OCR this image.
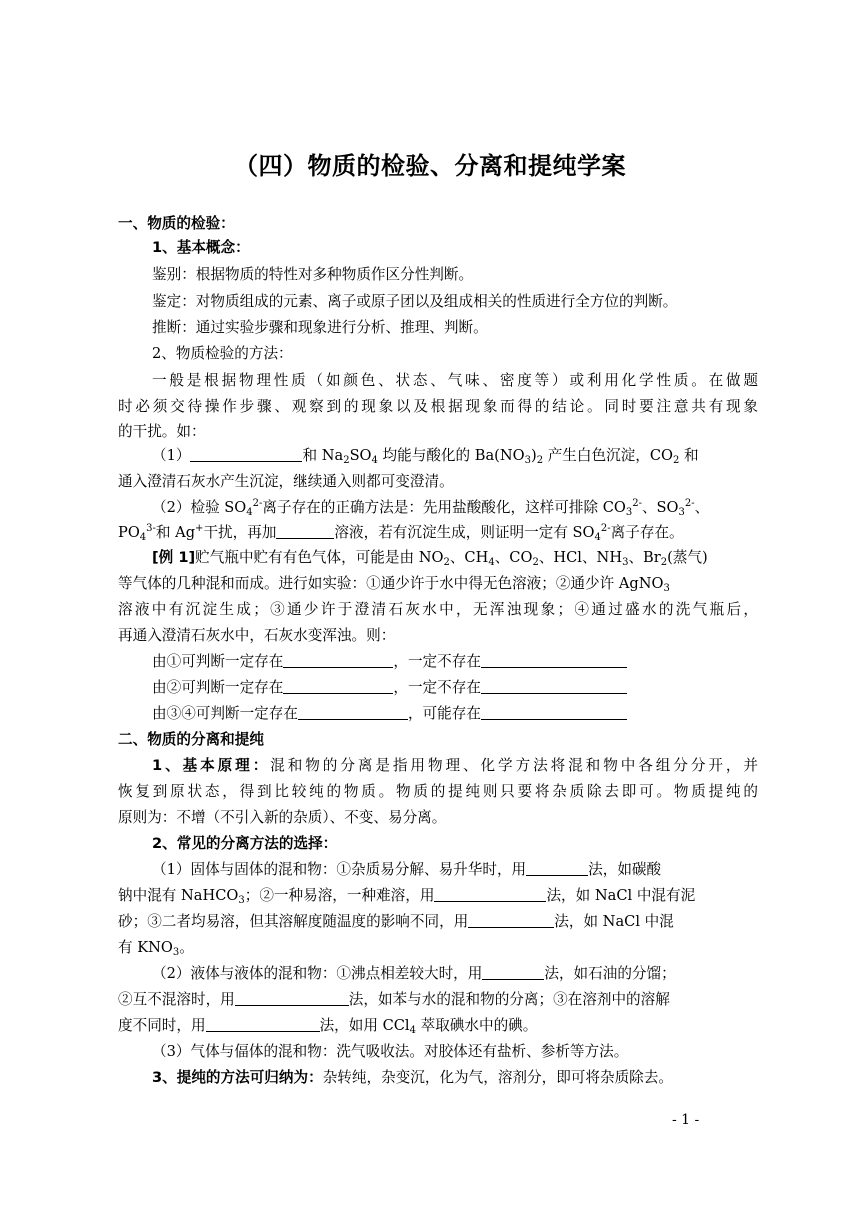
（四）物质的检验、分离和提纯学案
一、物质的检验：
1、基本概念：
鉴别：根据物质的特性对多种物质作区分性判断。
鉴定：对物质组成的元素、离子或原子团以及组成相关的性质进行全方位的判断。
推断：通过实验步骤和现象进行分析、推理、判断。
2、物质检验的方法：
一般是根据物理性质（如颜色、状态、气味、密度等）或利用化学性质。在做题
时必须交待操作步骤、观察到的现象以及根据现象而得的结论。同时要注意共有现象
的干扰。如：
（1）	和 $Na_2SO_4$ 均能与酸化的 $Ba(NO_3)_2$ 产生白色沉淀，$CO_2$ 和
通入澄清石灰水产生沉淀，继续通入则都可变澄清。
（2）检验 $SO_4^{2-}$离子存在的正确方法是：先用盐酸酸化，这样可排除 $CO_3^{2-}$、$SO_3^{2-}$、
$PO_4^{3-}$和 Ag+干扰，再加	溶液，若有沉淀生成，则证明一定有 $SO_4^{2-}$离子存在。
[例 1]贮气瓶中贮有有色气体，可能是由 $NO_2$、$CH_4$、$CO_2$、HCl、$NH_3$、$Br_2$(蒸气)
等气体的几种混和而成。进行如实验：①通少许于水中得无色溶液；②通少许 AgNO$_3$
溶液中有沉淀生成；③通少许于澄清石灰水中，无浑浊现象；④通过盛水的洗气瓶后，
再通入澄清石灰水中，石灰水变浑浊。则：
由①可判断一定存在	，一定不存在
由②可判断一定存在	，一定不存在
由③④可判断一定存在	，可能存在
二、物质的分离和提纯
1、基本原理：混和物的分离是指用物理、化学方法将混和物中各组分分开，并
恢复到原状态，得到比较纯的物质。物质的提纯则只要将杂质除去即可。物质提纯的
原则为：不增（不引入新的杂质）、不变、易分离。
2、常见的分离方法的选择：
（1）固体与固体的混和物：①杂质易分解、易升华时，用	法，如碳酸
钠中混有 NaHCO$_3$；②一种易溶，一种难溶，用	法，如 NaCl 中混有泥
砂；③二者均易溶，但其溶解度随温度的影响不同，用	法，如 NaCl 中混
有 $KNO_3$。
（2）液体与液体的混和物：①沸点相差较大时，用	法，如石油的分馏；
②互不混溶时，用	法，如苯与水的混和物的分离；③在溶剂中的溶解
度不同时，用	法，如用 CCl$_4$ 萃取碘水中的碘。
（3）气体与偪体的混和物：洗气吸收法。对胶体还有盐析、参析等方法。
3、提纯的方法可归纳为：杂转纯，杂变沉，化为气，溶剂分，即可将杂质除去。
- 1 -
